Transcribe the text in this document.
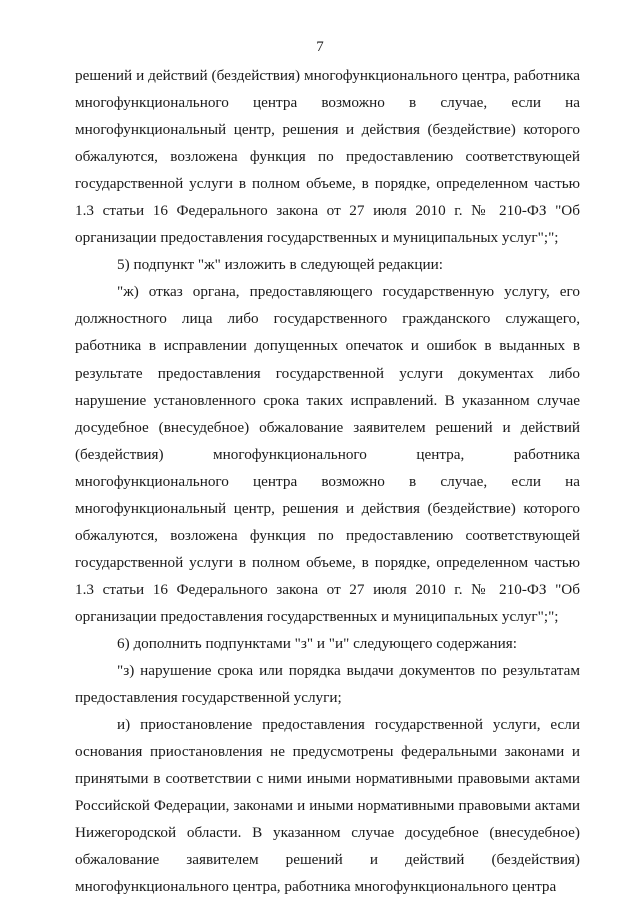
7

решений и действий (бездействия) многофункционального центра, работника многофункционального центра возможно в случае, если на многофункциональный центр, решения и действия (бездействие) которого обжалуются, возложена функция по предоставлению соответствующей государственной услуги в полном объеме, в порядке, определенном частью 1.3 статьи 16 Федерального закона от 27 июля 2010 г. № 210-ФЗ "Об организации предоставления государственных и муниципальных услуг";";

5) подпункт "ж" изложить в следующей редакции:

"ж) отказ органа, предоставляющего государственную услугу, его должностного лица либо государственного гражданского служащего, работника в исправлении допущенных опечаток и ошибок в выданных в результате предоставления государственной услуги документах либо нарушение установленного срока таких исправлений. В указанном случае досудебное (внесудебное) обжалование заявителем решений и действий (бездействия) многофункционального центра, работника многофункционального центра возможно в случае, если на многофункциональный центр, решения и действия (бездействие) которого обжалуются, возложена функция по предоставлению соответствующей государственной услуги в полном объеме, в порядке, определенном частью 1.3 статьи 16 Федерального закона от 27 июля 2010 г. № 210-ФЗ "Об организации предоставления государственных и муниципальных услуг";";

6) дополнить подпунктами "з" и "и" следующего содержания:

"з) нарушение срока или порядка выдачи документов по результатам предоставления государственной услуги;

и) приостановление предоставления государственной услуги, если основания приостановления не предусмотрены федеральными законами и принятыми в соответствии с ними иными нормативными правовыми актами Российской Федерации, законами и иными нормативными правовыми актами Нижегородской области. В указанном случае досудебное (внесудебное) обжалование заявителем решений и действий (бездействия) многофункционального центра, работника многофункционального центра
